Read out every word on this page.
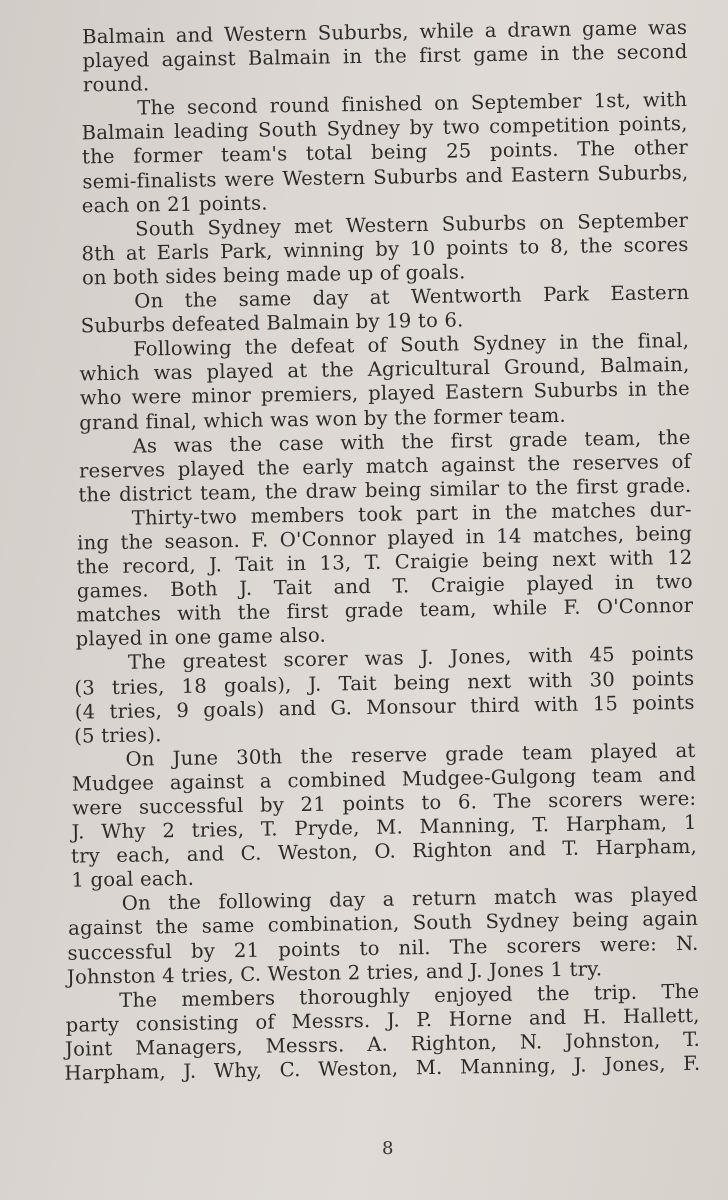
Balmain and Western Suburbs, while a drawn game was
played against Balmain in the first game in the second
round.
The second round finished on September 1st, with
Balmain leading South Sydney by two competition points,
the former team's total being 25 points. The other
semi-finalists were Western Suburbs and Eastern Suburbs,
each on 21 points.
South Sydney met Western Suburbs on September
8th at Earls Park, winning by 10 points to 8, the scores
on both sides being made up of goals.
On the same day at Wentworth Park Eastern
Suburbs defeated Balmain by 19 to 6.
Following the defeat of South Sydney in the final,
which was played at the Agricultural Ground, Balmain,
who were minor premiers, played Eastern Suburbs in the
grand final, which was won by the former team.
As was the case with the first grade team, the
reserves played the early match against the reserves of
the district team, the draw being similar to the first grade.
Thirty-two members took part in the matches dur-
ing the season. F. O'Connor played in 14 matches, being
the record, J. Tait in 13, T. Craigie being next with 12
games. Both J. Tait and T. Craigie played in two
matches with the first grade team, while F. O'Connor
played in one game also.
The greatest scorer was J. Jones, with 45 points
(3 tries, 18 goals), J. Tait being next with 30 points
(4 tries, 9 goals) and G. Monsour third with 15 points
(5 tries).
On June 30th the reserve grade team played at
Mudgee against a combined Mudgee-Gulgong team and
were successful by 21 points to 6. The scorers were:
J. Why 2 tries, T. Pryde, M. Manning, T. Harpham, 1
try each, and C. Weston, O. Righton and T. Harpham,
1 goal each.
On the following day a return match was played
against the same combination, South Sydney being again
successful by 21 points to nil. The scorers were: N.
Johnston 4 tries, C. Weston 2 tries, and J. Jones 1 try.
The members thoroughly enjoyed the trip. The
party consisting of Messrs. J. P. Horne and H. Hallett,
Joint Managers, Messrs. A. Righton, N. Johnston, T.
Harpham, J. Why, C. Weston, M. Manning, J. Jones, F.
8
